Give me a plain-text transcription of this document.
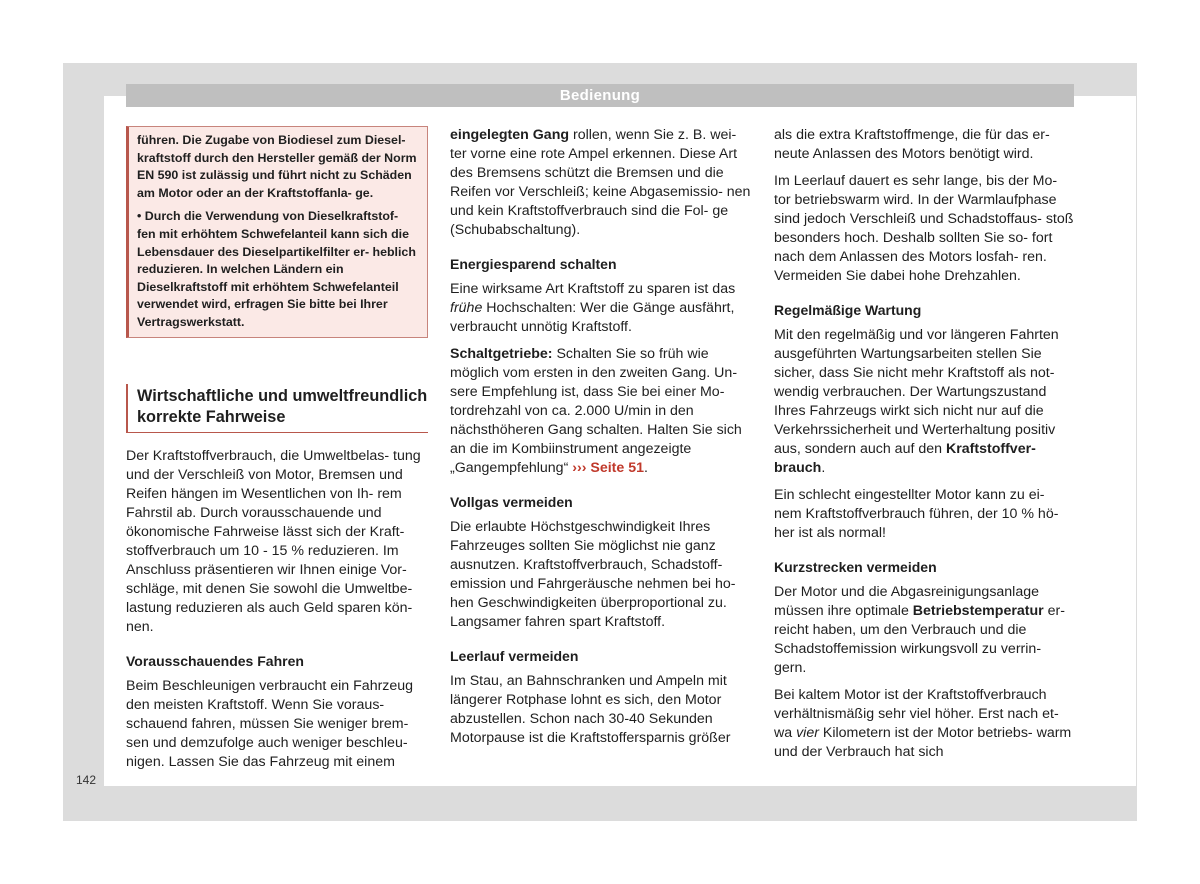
Bedienung

führen. Die Zugabe von Biodiesel zum Diesel- kraftstoff durch den Hersteller gemäß der Norm EN 590 ist zulässig und führt nicht zu Schäden am Motor oder an der Kraftstoffanla- ge.

• Durch die Verwendung von Dieselkraftstof- fen mit erhöhtem Schwefelanteil kann sich die Lebensdauer des Dieselpartikelfilter er- heblich reduzieren. In welchen Ländern ein Dieselkraftstoff mit erhöhtem Schwefelanteil verwendet wird, erfragen Sie bitte bei Ihrer Vertragswerkstatt.

Wirtschaftliche und umweltfreundlich korrekte Fahrweise

Der Kraftstoffverbrauch, die Umweltbelas- tung und der Verschleiß von Motor, Bremsen und Reifen hängen im Wesentlichen von Ih- rem Fahrstil ab. Durch vorausschauende und ökonomische Fahrweise lässt sich der Kraft- stoffverbrauch um 10 - 15 % reduzieren. Im Anschluss präsentieren wir Ihnen einige Vor- schläge, mit denen Sie sowohl die Umweltbe- lastung reduzieren als auch Geld sparen kön- nen.

Vorausschauendes Fahren

Beim Beschleunigen verbraucht ein Fahrzeug den meisten Kraftstoff. Wenn Sie voraus- schauend fahren, müssen Sie weniger brem- sen und demzufolge auch weniger beschleu- nigen. Lassen Sie das Fahrzeug mit einem

eingelegten Gang rollen, wenn Sie z. B. wei- ter vorne eine rote Ampel erkennen. Diese Art des Bremsens schützt die Bremsen und die Reifen vor Verschleiß; keine Abgasemissio- nen und kein Kraftstoffverbrauch sind die Fol- ge (Schubabschaltung).

Energiesparend schalten

Eine wirksame Art Kraftstoff zu sparen ist das frühe Hochschalten: Wer die Gänge ausfährt, verbraucht unnötig Kraftstoff.

Schaltgetriebe: Schalten Sie so früh wie möglich vom ersten in den zweiten Gang. Un- sere Empfehlung ist, dass Sie bei einer Mo- tordrehzahl von ca. 2.000 U/min in den nächsthöheren Gang schalten. Halten Sie sich an die im Kombiinstrument angezeigte „Gangempfehlung“ ››› Seite 51.

Vollgas vermeiden

Die erlaubte Höchstgeschwindigkeit Ihres Fahrzeuges sollten Sie möglichst nie ganz ausnutzen. Kraftstoffverbrauch, Schadstoff- emission und Fahrgeräusche nehmen bei ho- hen Geschwindigkeiten überproportional zu. Langsamer fahren spart Kraftstoff.

Leerlauf vermeiden

Im Stau, an Bahnschranken und Ampeln mit längerer Rotphase lohnt es sich, den Motor abzustellen. Schon nach 30-40 Sekunden Motorpause ist die Kraftstoffersparnis größer

als die extra Kraftstoffmenge, die für das er- neute Anlassen des Motors benötigt wird.

Im Leerlauf dauert es sehr lange, bis der Mo- tor betriebswarm wird. In der Warmlaufphase sind jedoch Verschleiß und Schadstoffaus- stoß besonders hoch. Deshalb sollten Sie so- fort nach dem Anlassen des Motors losfah- ren. Vermeiden Sie dabei hohe Drehzahlen.

Regelmäßige Wartung

Mit den regelmäßig und vor längeren Fahrten ausgeführten Wartungsarbeiten stellen Sie sicher, dass Sie nicht mehr Kraftstoff als not- wendig verbrauchen. Der Wartungszustand Ihres Fahrzeugs wirkt sich nicht nur auf die Verkehrssicherheit und Werterhaltung positiv aus, sondern auch auf den Kraftstoffver- brauch.

Ein schlecht eingestellter Motor kann zu ei- nem Kraftstoffverbrauch führen, der 10 % hö- her ist als normal!

Kurzstrecken vermeiden

Der Motor und die Abgasreinigungsanlage müssen ihre optimale Betriebstemperatur er- reicht haben, um den Verbrauch und die Schadstoffemission wirkungsvoll zu verrin- gern.

Bei kaltem Motor ist der Kraftstoffverbrauch verhältnismäßig sehr viel höher. Erst nach et- wa vier Kilometern ist der Motor betriebs- warm und der Verbrauch hat sich

142
